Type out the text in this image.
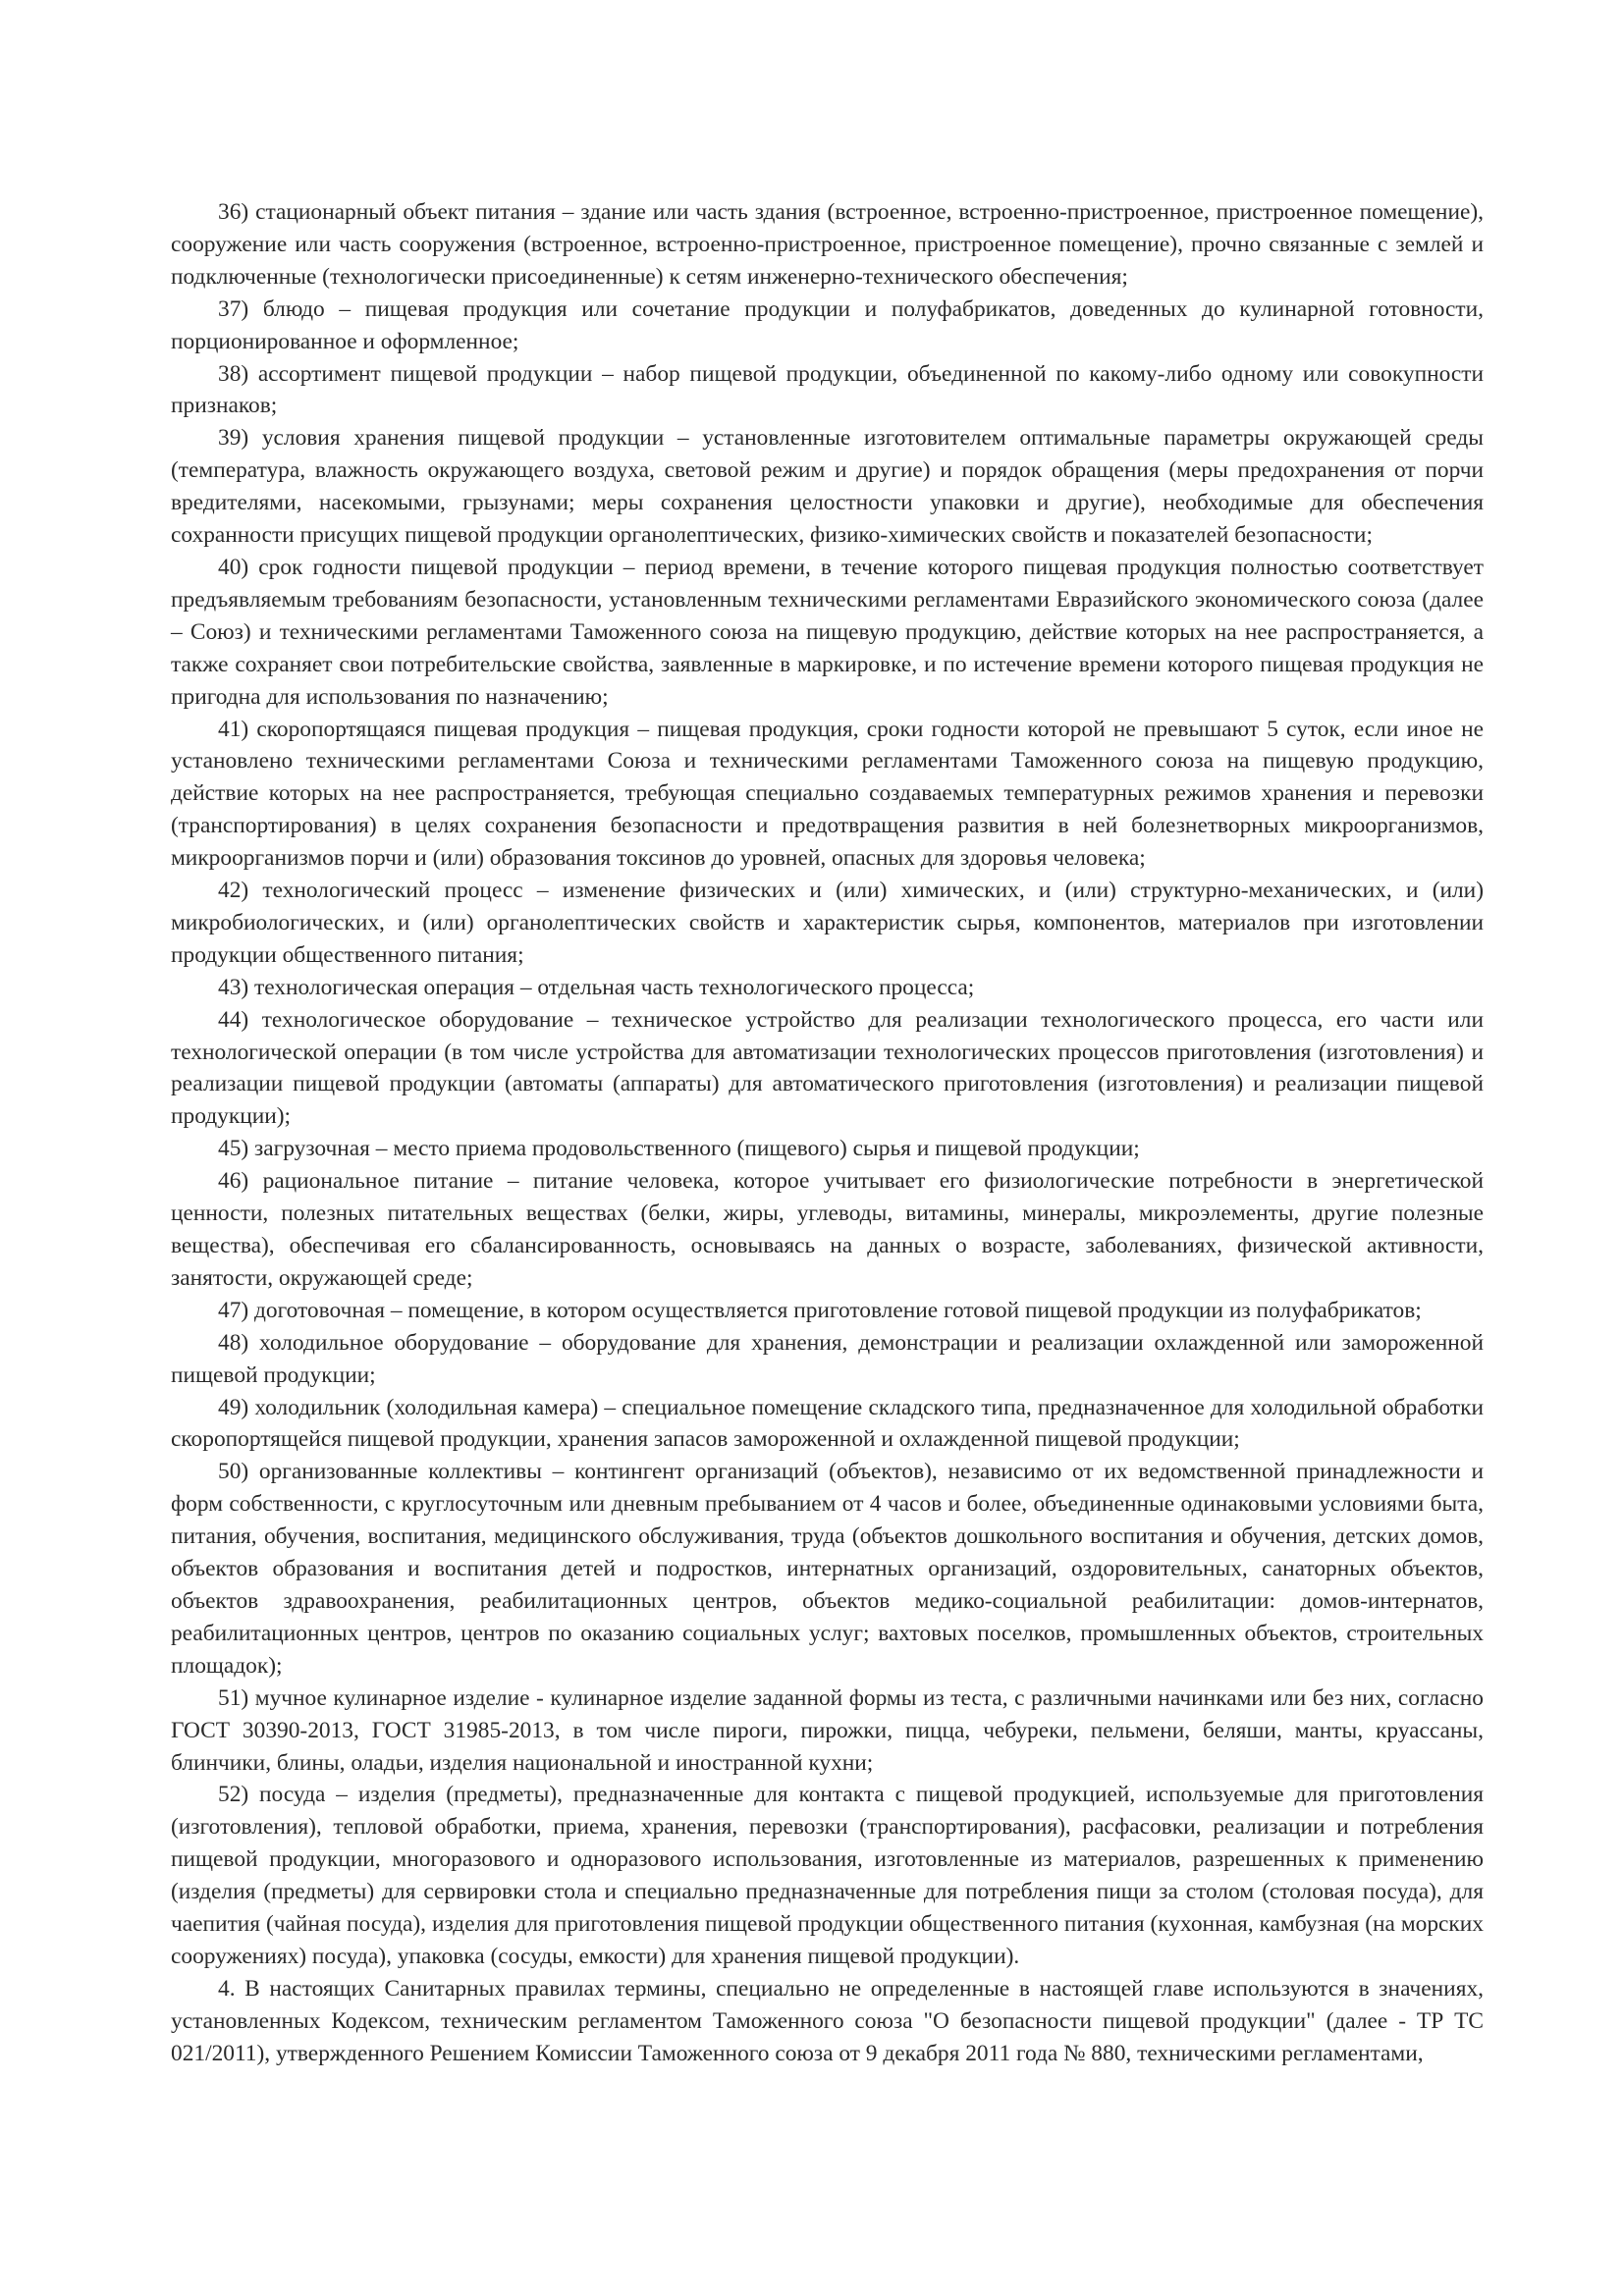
36) стационарный объект питания – здание или часть здания (встроенное, встроенно-пристроенное, пристроенное помещение), сооружение или часть сооружения (встроенное, встроенно-пристроенное, пристроенное помещение), прочно связанные с землей и подключенные (технологически присоединенные) к сетям инженерно-технического обеспечения;

37) блюдо – пищевая продукция или сочетание продукции и полуфабрикатов, доведенных до кулинарной готовности, порционированное и оформленное;

38) ассортимент пищевой продукции – набор пищевой продукции, объединенной по какому-либо одному или совокупности признаков;

39) условия хранения пищевой продукции – установленные изготовителем оптимальные параметры окружающей среды (температура, влажность окружающего воздуха, световой режим и другие) и порядок обращения (меры предохранения от порчи вредителями, насекомыми, грызунами; меры сохранения целостности упаковки и другие), необходимые для обеспечения сохранности присущих пищевой продукции органолептических, физико-химических свойств и показателей безопасности;

40) срок годности пищевой продукции – период времени, в течение которого пищевая продукция полностью соответствует предъявляемым требованиям безопасности, установленным техническими регламентами Евразийского экономического союза (далее – Союз) и техническими регламентами Таможенного союза на пищевую продукцию, действие которых на нее распространяется, а также сохраняет свои потребительские свойства, заявленные в маркировке, и по истечение времени которого пищевая продукция не пригодна для использования по назначению;

41) скоропортящаяся пищевая продукция – пищевая продукция, сроки годности которой не превышают 5 суток, если иное не установлено техническими регламентами Союза и техническими регламентами Таможенного союза на пищевую продукцию, действие которых на нее распространяется, требующая специально создаваемых температурных режимов хранения и перевозки (транспортирования) в целях сохранения безопасности и предотвращения развития в ней болезнетворных микроорганизмов, микроорганизмов порчи и (или) образования токсинов до уровней, опасных для здоровья человека;

42) технологический процесс – изменение физических и (или) химических, и (или) структурно-механических, и (или) микробиологических, и (или) органолептических свойств и характеристик сырья, компонентов, материалов при изготовлении продукции общественного питания;

43) технологическая операция – отдельная часть технологического процесса;

44) технологическое оборудование – техническое устройство для реализации технологического процесса, его части или технологической операции (в том числе устройства для автоматизации технологических процессов приготовления (изготовления) и реализации пищевой продукции (автоматы (аппараты) для автоматического приготовления (изготовления) и реализации пищевой продукции);

45) загрузочная – место приема продовольственного (пищевого) сырья и пищевой продукции;

46) рациональное питание – питание человека, которое учитывает его физиологические потребности в энергетической ценности, полезных питательных веществах (белки, жиры, углеводы, витамины, минералы, микроэлементы, другие полезные вещества), обеспечивая его сбалансированность, основываясь на данных о возрасте, заболеваниях, физической активности, занятости, окружающей среде;

47) доготовочная – помещение, в котором осуществляется приготовление готовой пищевой продукции из полуфабрикатов;

48) холодильное оборудование – оборудование для хранения, демонстрации и реализации охлажденной или замороженной пищевой продукции;

49) холодильник (холодильная камера) – специальное помещение складского типа, предназначенное для холодильной обработки скоропортящейся пищевой продукции, хранения запасов замороженной и охлажденной пищевой продукции;

50) организованные коллективы – контингент организаций (объектов), независимо от их ведомственной принадлежности и форм собственности, с круглосуточным или дневным пребыванием от 4 часов и более, объединенные одинаковыми условиями быта, питания, обучения, воспитания, медицинского обслуживания, труда (объектов дошкольного воспитания и обучения, детских домов, объектов образования и воспитания детей и подростков, интернатных организаций, оздоровительных, санаторных объектов, объектов здравоохранения, реабилитационных центров, объектов медико-социальной реабилитации: домов-интернатов, реабилитационных центров, центров по оказанию социальных услуг; вахтовых поселков, промышленных объектов, строительных площадок);

51) мучное кулинарное изделие - кулинарное изделие заданной формы из теста, с различными начинками или без них, согласно ГОСТ 30390-2013, ГОСТ 31985-2013, в том числе пироги, пирожки, пицца, чебуреки, пельмени, беляши, манты, круассаны, блинчики, блины, оладьи, изделия национальной и иностранной кухни;

52) посуда – изделия (предметы), предназначенные для контакта с пищевой продукцией, используемые для приготовления (изготовления), тепловой обработки, приема, хранения, перевозки (транспортирования), расфасовки, реализации и потребления пищевой продукции, многоразового и одноразового использования, изготовленные из материалов, разрешенных к применению (изделия (предметы) для сервировки стола и специально предназначенные для потребления пищи за столом (столовая посуда), для чаепития (чайная посуда), изделия для приготовления пищевой продукции общественного питания (кухонная, камбузная (на морских сооружениях) посуда), упаковка (сосуды, емкости) для хранения пищевой продукции).

4. В настоящих Санитарных правилах термины, специально не определенные в настоящей главе используются в значениях, установленных Кодексом, техническим регламентом Таможенного союза "О безопасности пищевой продукции" (далее - ТР ТС 021/2011), утвержденного Решением Комиссии Таможенного союза от 9 декабря 2011 года № 880, техническими регламентами,
